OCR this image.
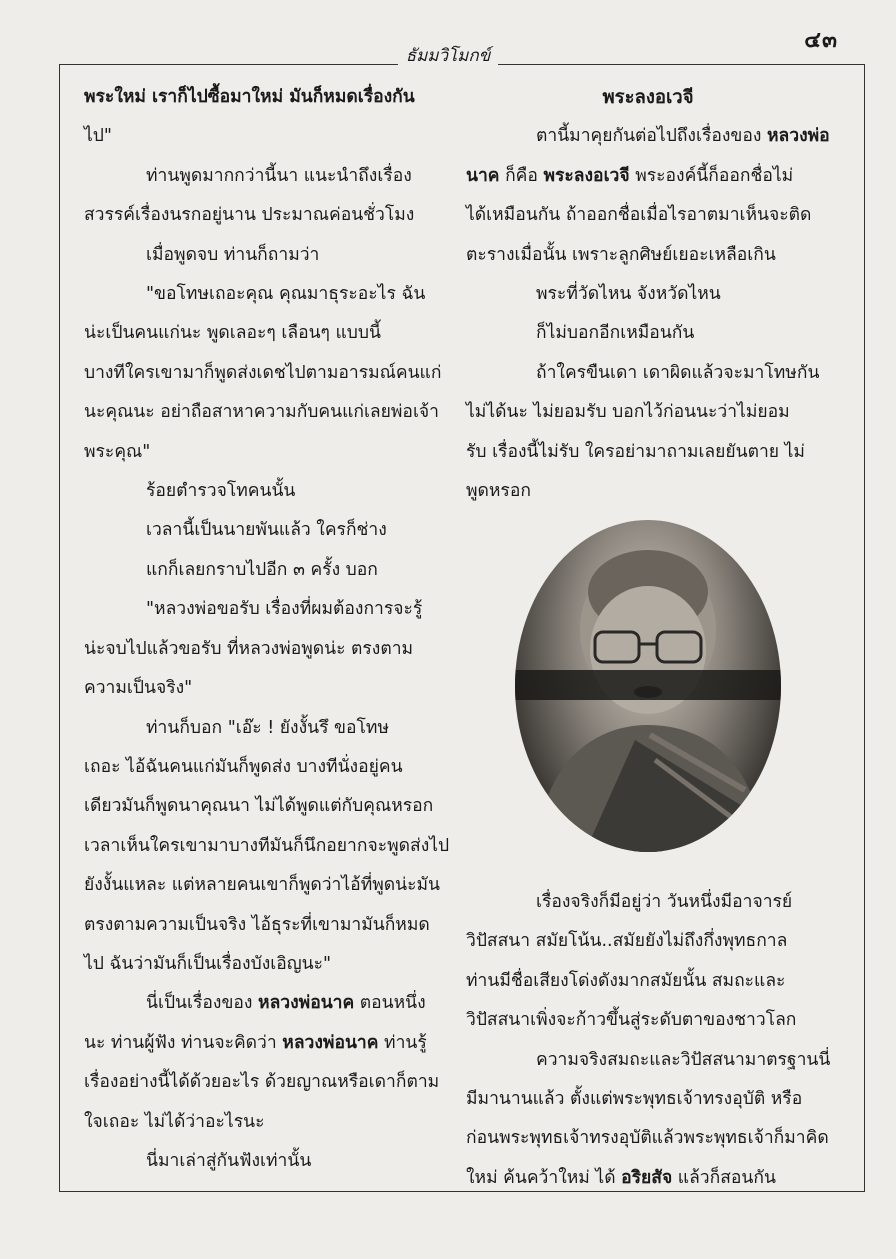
๔๓
ธัมมวิโมกข์

พระใหม่ เราก็ไปซื้อมาใหม่ มันก็หมดเรื่องกัน

ไป"

ท่านพูดมากกว่านี้นา แนะนำถึงเรื่อง

สวรรค์เรื่องนรกอยู่นาน ประมาณค่อนชั่วโมง

เมื่อพูดจบ ท่านก็ถามว่า

"ขอโทษเถอะคุณ คุณมาธุระอะไร ฉัน

น่ะเป็นคนแก่นะ พูดเลอะๆ เลือนๆ แบบนี้

บางทีใครเขามาก็พูดส่งเดชไปตามอารมณ์คนแก่

นะคุณนะ อย่าถือสาหาความกับคนแก่เลยพ่อเจ้า

พระคุณ"

ร้อยตำรวจโทคนนั้น

เวลานี้เป็นนายพันแล้ว ใครก็ช่าง

แกก็เลยกราบไปอีก ๓ ครั้ง บอก

"หลวงพ่อขอรับ เรื่องที่ผมต้องการจะรู้

น่ะจบไปแล้วขอรับ ที่หลวงพ่อพูดน่ะ ตรงตาม

ความเป็นจริง"

ท่านก็บอก "เอ๊ะ ! ยังงั้นรึ ขอโทษ

เถอะ ไอ้ฉันคนแก่มันก็พูดส่ง บางทีนั่งอยู่คน

เดียวมันก็พูดนาคุณนา ไม่ได้พูดแต่กับคุณหรอก

เวลาเห็นใครเขามาบางทีมันก็นึกอยากจะพูดส่งไป

ยังงั้นแหละ แต่หลายคนเขาก็พูดว่าไอ้ที่พูดน่ะมัน

ตรงตามความเป็นจริง ไอ้ธุระที่เขามามันก็หมด

ไป ฉันว่ามันก็เป็นเรื่องบังเอิญนะ"

นี่เป็นเรื่องของ หลวงพ่อนาค ตอนหนึ่ง

นะ ท่านผู้ฟัง ท่านจะคิดว่า หลวงพ่อนาค ท่านรู้

เรื่องอย่างนี้ได้ด้วยอะไร ด้วยญาณหรือเดาก็ตาม

ใจเถอะ ไม่ได้ว่าอะไรนะ

นี่มาเล่าสู่กันฟังเท่านั้น

พระลงอเวจี

ตานี้มาคุยกันต่อไปถึงเรื่องของ หลวงพ่อ

นาค ก็คือ พระลงอเวจี พระองค์นี้ก็ออกชื่อไม่

ได้เหมือนกัน ถ้าออกชื่อเมื่อไรอาตมาเห็นจะติด

ตะรางเมื่อนั้น เพราะลูกศิษย์เยอะเหลือเกิน

พระที่วัดไหน จังหวัดไหน

ก็ไม่บอกอีกเหมือนกัน

ถ้าใครขืนเดา เดาผิดแล้วจะมาโทษกัน

ไม่ได้นะ ไม่ยอมรับ บอกไว้ก่อนนะว่าไม่ยอม

รับ เรื่องนี้ไม่รับ ใครอย่ามาถามเลยยันตาย ไม่

พูดหรอก

เรื่องจริงก็มีอยู่ว่า วันหนึ่งมีอาจารย์

วิปัสสนา สมัยโน้น..สมัยยังไม่ถึงกึ่งพุทธกาล

ท่านมีชื่อเสียงโด่งดังมากสมัยนั้น สมถะและ

วิปัสสนาเพิ่งจะก้าวขึ้นสู่ระดับตาของชาวโลก

ความจริงสมถะและวิปัสสนามาตรฐานนี่

มีมานานแล้ว ตั้งแต่พระพุทธเจ้าทรงอุบัติ หรือ

ก่อนพระพุทธเจ้าทรงอุบัติแล้วพระพุทธเจ้าก็มาคิด

ใหม่ ค้นคว้าใหม่ ได้ อริยสัจ แล้วก็สอนกัน
